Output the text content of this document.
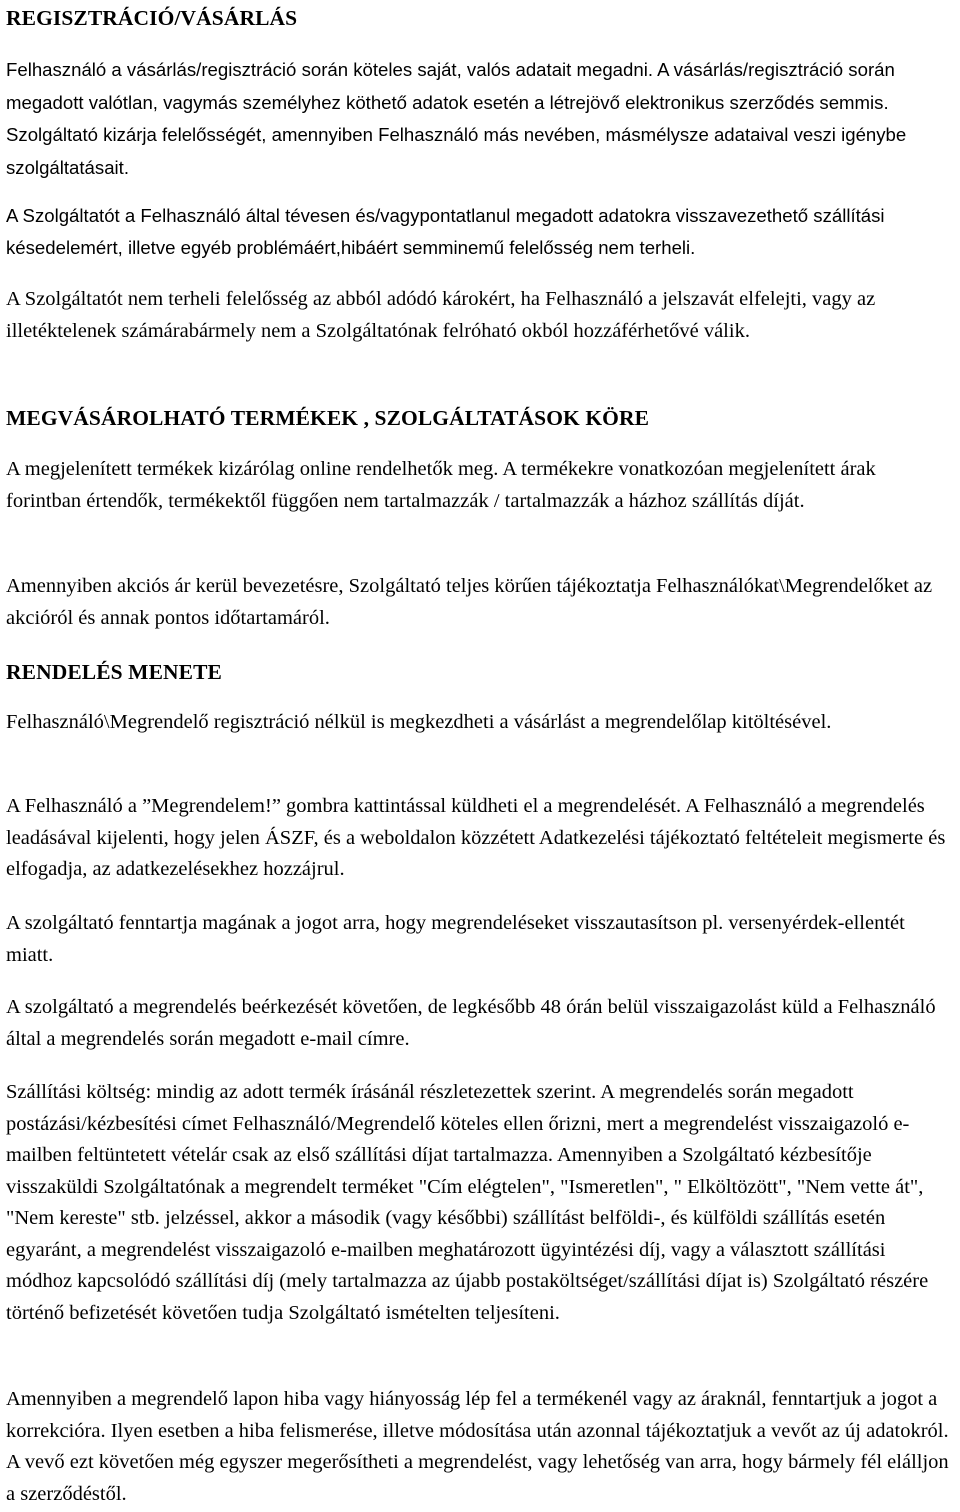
REGISZTRÁCIÓ/VÁSÁRLÁS

Felhasználó a vásárlás/regisztráció során köteles saját, valós adatait megadni. A vásárlás/regisztráció során megadott valótlan, vagymás személyhez köthető adatok esetén a létrejövő elektronikus szerződés semmis. Szolgáltató kizárja felelősségét, amennyiben Felhasználó más nevében, másmélysze adataival veszi igénybe szolgáltatásait.

A Szolgáltatót a Felhasználó által tévesen és/vagypontatlanul megadott adatokra visszavezethető szállítási késedelemért, illetve egyéb problémáért,hibáért semminemű felelősség nem terheli.

A Szolgáltatót nem terheli felelősség az abból adódó károkért, ha Felhasználó a jelszavát elfelejti, vagy az illetéktelenek számárabármely nem a Szolgáltatónak felróható okból hozzáférhetővé válik.

MEGVÁSÁROLHATÓ TERMÉKEK , SZOLGÁLTATÁSOK KÖRE

A megjelenített termékek kizárólag online rendelhetők meg. A termékekre vonatkozóan megjelenített árak forintban értendők, termékektől függően nem tartalmazzák / tartalmazzák a házhoz szállítás díját.

Amennyiben akciós ár kerül bevezetésre, Szolgáltató teljes körűen tájékoztatja Felhasználókat\Megrendelőket az akcióról és annak pontos időtartamáról.

RENDELÉS MENETE

Felhasználó\Megrendelő regisztráció nélkül is megkezdheti a vásárlást a megrendelőlap kitöltésével.

A Felhasználó a ”Megrendelem!” gombra kattintással küldheti el a megrendelését. A Felhasználó a megrendelés leadásával kijelenti, hogy jelen ÁSZF, és a weboldalon közzétett Adatkezelési tájékoztató feltételeit megismerte és elfogadja, az adatkezelésekhez hozzájrul.

A szolgáltató fenntartja magának a jogot arra, hogy megrendeléseket visszautasítson pl. versenyérdek-ellentét miatt.

A szolgáltató a megrendelés beérkezését követően, de legkésőbb 48 órán belül visszaigazolást küld a Felhasználó által a megrendelés során megadott e-mail címre.

Szállítási költség: mindig az adott termék írásánál részletezettek szerint. A megrendelés során megadott postázási/kézbesítési címet Felhasználó/Megrendelő köteles ellen őrizni, mert a megrendelést visszaigazoló e-mailben feltüntetett vételár csak az első szállítási díjat tartalmazza. Amennyiben a Szolgáltató kézbesítője visszaküldi Szolgáltatónak a megrendelt terméket "Cím elégtelen", "Ismeretlen", " Elköltözött", "Nem vette át", "Nem kereste" stb. jelzéssel, akkor a második (vagy későbbi) szállítást belföldi-, és külföldi szállítás esetén egyaránt, a megrendelést visszaigazoló e-mailben meghatározott ügyintézési díj, vagy a választott szállítási módhoz kapcsolódó szállítási díj (mely tartalmazza az újabb postaköltséget/szállítási díjat is) Szolgáltató részére történő befizetését követően tudja Szolgáltató ismételten teljesíteni.

Amennyiben a megrendelő lapon hiba vagy hiányosság lép fel a termékenél vagy az áraknál, fenntartjuk a jogot a korrekcióra. Ilyen esetben a hiba felismerése, illetve módosítása után azonnal tájékoztatjuk a vevőt az új adatokról. A vevő ezt követően még egyszer megerősítheti a megrendelést, vagy lehetőség van arra, hogy bármely fél elálljon a szerződéstől.
